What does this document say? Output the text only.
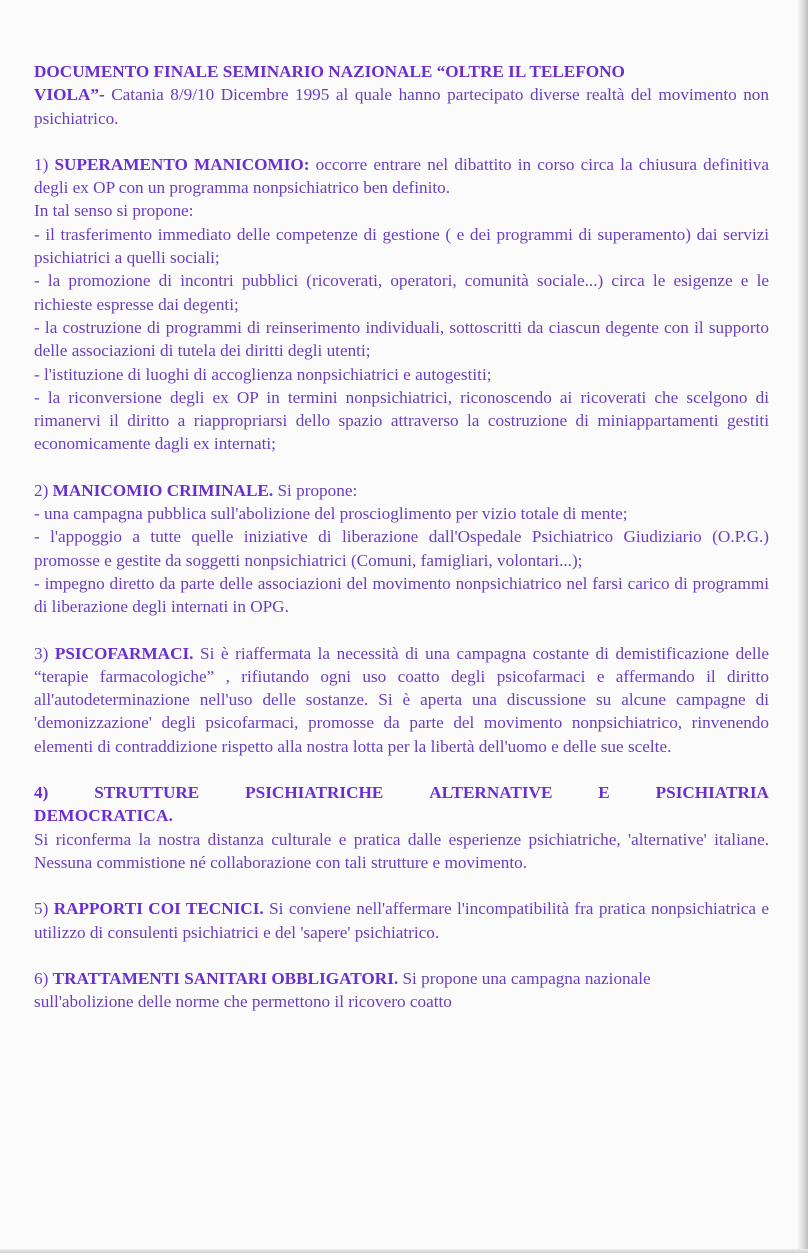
DOCUMENTO FINALE SEMINARIO NAZIONALE “OLTRE IL TELEFONO
VIOLA”- Catania 8/9/10 Dicembre 1995 al quale hanno partecipato diverse realtà del movimento non psichiatrico.

1) SUPERAMENTO MANICOMIO: occorre entrare nel dibattito in corso circa la chiusura definitiva degli ex OP con un programma nonpsichiatrico ben definito.
In tal senso si propone:
- il trasferimento immediato delle competenze di gestione ( e dei programmi di superamento) dai servizi psichiatrici a quelli sociali;
- la promozione di incontri pubblici (ricoverati, operatori, comunità sociale...) circa le esigenze e le richieste espresse dai degenti;
- la costruzione di programmi di reinserimento individuali, sottoscritti da ciascun degente con il supporto delle associazioni di tutela dei diritti degli utenti;
- l'istituzione di luoghi di accoglienza nonpsichiatrici e autogestiti;
- la riconversione degli ex OP in termini nonpsichiatrici, riconoscendo ai ricoverati che scelgono di rimanervi il diritto a riappropriarsi dello spazio attraverso la costruzione di miniappartamenti gestiti economicamente dagli ex internati;

2) MANICOMIO CRIMINALE. Si propone:
- una campagna pubblica sull'abolizione del proscioglimento per vizio totale di mente;
- l'appoggio a tutte quelle iniziative di liberazione dall'Ospedale Psichiatrico Giudiziario (O.P.G.) promosse e gestite da soggetti nonpsichiatrici (Comuni, famigliari, volontari...);
- impegno diretto da parte delle associazioni del movimento nonpsichiatrico nel farsi carico di programmi di liberazione degli internati in OPG.

3) PSICOFARMACI. Si è riaffermata la necessità di una campagna costante di demistificazione delle “terapie farmacologiche” , rifiutando ogni uso coatto degli psicofarmaci e affermando il diritto all'autodeterminazione nell'uso delle sostanze. Si è aperta una discussione su alcune campagne di 'demonizzazione' degli psicofarmaci, promosse da parte del movimento nonpsichiatrico, rinvenendo elementi di contraddizione rispetto alla nostra lotta per la libertà dell'uomo e delle sue scelte.

4)	STRUTTURE	PSICHIATRICHE	ALTERNATIVE	E	PSICHIATRIA
DEMOCRATICA.
Si riconferma la nostra distanza culturale e pratica dalle esperienze psichiatriche, 'alternative' italiane. Nessuna commistione né collaborazione con tali strutture e movimento.

5) RAPPORTI COI TECNICI. Si conviene nell'affermare l'incompatibilità fra pratica nonpsichiatrica e utilizzo di consulenti psichiatrici e del 'sapere' psichiatrico.

6) TRATTAMENTI SANITARI OBBLIGATORI. Si propone una campagna nazionale sull'abolizione delle norme che permettono il ricovero coatto
